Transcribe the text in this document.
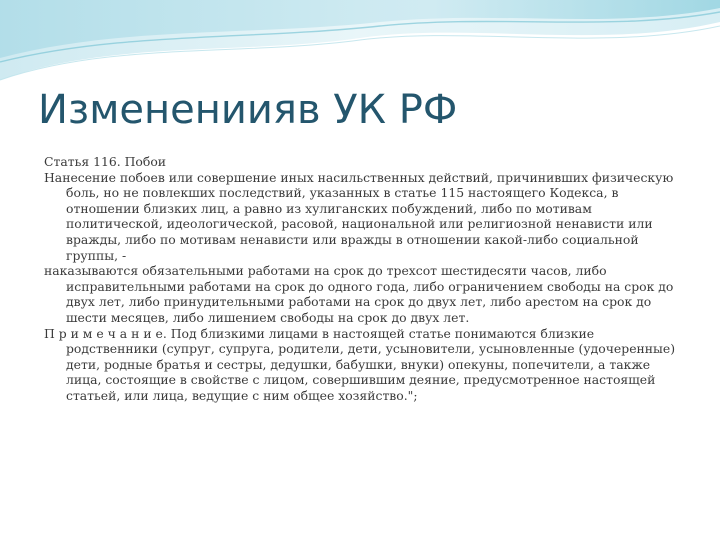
Изменениияв УК РФ

Статья 116. Побои

Нанесение побоев или совершение иных насильственных действий, причинивших физическую боль, но не повлекших последствий, указанных в статье 115 настоящего Кодекса, в отношении близких лиц, а равно из хулиганских побуждений, либо по мотивам политической, идеологической, расовой, национальной или религиозной ненависти или вражды, либо по мотивам ненависти или вражды в отношении какой-либо социальной группы, -

наказываются обязательными работами на срок до трехсот шестидесяти часов, либо исправительными работами на срок до одного года, либо ограничением свободы на срок до двух лет, либо принудительными работами на срок до двух лет, либо арестом на срок до шести месяцев, либо лишением свободы на срок до двух лет.

П р и м е ч а н и е. Под близкими лицами в настоящей статье понимаются близкие родственники (супруг, супруга, родители, дети, усыновители, усыновленные (удочеренные) дети, родные братья и сестры, дедушки, бабушки, внуки) опекуны, попечители, а также лица, состоящие в свойстве с лицом, совершившим деяние, предусмотренное настоящей статьей, или лица, ведущие с ним общее хозяйство.";
